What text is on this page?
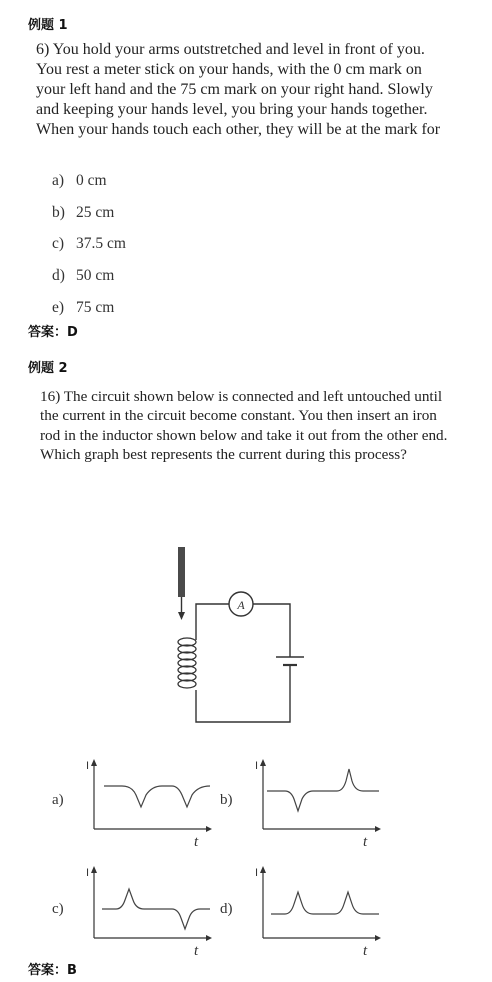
例题 1
6) You hold your arms outstretched and level in front of you. You rest a meter stick on your hands, with the 0 cm mark on your left hand and the 75 cm mark on your right hand. Slowly and keeping your hands level, you bring your hands together. When your hands touch each other, they will be at the mark for
a) 0 cm
b) 25 cm
c) 37.5 cm
d) 50 cm
e) 75 cm
答案：D
例题 2
16) The circuit shown below is connected and left untouched until the current in the circuit become constant. You then insert an iron rod in the inductor shown below and take it out from the other end. Which graph best represents the current during this process?
A
a)
I
t
b)
I
t
c)
I
t
d)
I
t
答案：B
